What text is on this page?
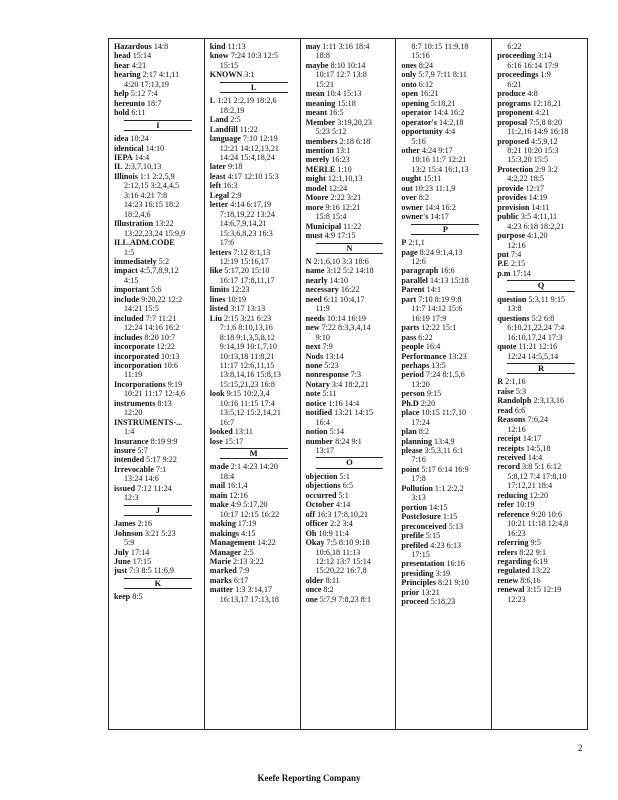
Hazardous 14:8
head 15:14
hear 4:21
hearing 2:17 4:1,11
4:20 17:13,19
help 5:12 7:4
hereunto 18:7
hold 6:11
I
idea 10:24
identical 14:10
IEPA 14:4
IL 2:3,7,10,13
Illinois 1:1 2:2,5,9
2:12,15 3:2,4,4,5
3:16 4:21 7:8
14:23 16:15 18:2
18:2,4,6
Illustration 13:22
13:22,23,24 15:9,9
ILL.ADM.CODE
1:5
immediately 5:2
impact 4:5,7,8,9,12
4:15
important 5:6
include 9:20,22 12:2
14:21 15:5
included 7:7 11:21
12:24 14:16 16:2
includes 8:20 10:7
incorporate 12:22
incorporated 10:13
incorporation 10:6
11:19
Incorporations 9:19
10:21 11:17 12:4,6
instruments 8:13
12:20
INSTRUMENTS-...
1:4
Insurance 8:19 9:9
insure 5:7
intended 5:17 9:22
Irrevocable 7:1
13:24 14:6
issued 7:12 11:24
12:3
J
James 2:16
Johnson 3:21 5:23
5:9
July 17:14
June 17:15
just 7:3 8:5 11:6,9
K
keep 8:5
kind 11:13
know 7:24 10:3 12:5
15:15
KNOWN 3:1
L
L 1:21 2:2,19 18:2,6
18:2,19
Land 2:5
Landfill 11:22
language 7:10 12:19
12:21 14:12,13,21
14:24 15:4,18,24
later 9:18
least 4:17 12:10 15:3
left 16:3
Legal 2:9
letter 4:14 6:17,19
7:18,19,22 13:24
14:6,7,9,14,21
15:3,6,8,23 16:3
17:6
letters 7:12 8:1,13
12:19 15:16,17
like 5:17,20 15:10
16:17 17:8,11,17
limits 12:23
lines 10:19
listed 3:17 13:13
Liu 2:15 3:21 6:23
7:1,6 8:10,13,16
8:18 9:1,3,5,8,12
9:14,19 10:1,7,10
10:13,18 11:8,21
11:17 12:6,11,15
13:8,14,16 15:8,13
15:15,21,23 16:8
look 9:15 10:2,3,4
10:16 11:15 17:4
13:5,12 15:2,14,21
16:7
looked 13:11
lose 15:17
M
made 2:1 4:23 14:20
18:4
mail 16:1,4
main 12:16
make 4:9 5:17,20
10:17 12:15 16:22
making 17:19
makings 4:15
Management 14:22
Manager 2:5
Marie 2:13 3:22
marked 7:9
marks 6:17
matter 1:3 3:14,17
16:13,17 17:13,18
may 1:11 3:16 18:4
18:8
maybe 8:10 10:14
10:17 12:7 13:8
15:21
mean 10:4 15:13
meaning 15:18
meant 16:5
Member 3:19,20,23
5:23 5:12
members 2:18 6:18
mention 13:1
merely 16:23
MERLE 1:10
might 12:1,10,13
model 12:24
Moore 2:22 3:21
more 9:16 12:21
15:8 15:4
Municipal 11:22
must 4:9 17:15
N
N 2:1,6,10 3:3 18:6
name 3:12 5:2 14:18
nearly 14:10
necessary 16:22
need 6:11 10:4,17
11:9
needs 10:14 16:19
new 7:22 8:3,3,4,14
9:10
next 7:9
Nods 13:14
none 5:23
nonresponse 7:3
Notary 3:4 18:2,21
note 5:11
notice 1:16 14:4
notified 13:21 14:15
16:4
notion 5:14
number 8:24 9:1
13:17
O
objection 5:1
objections 6:5
occurred 5:1
October 4:14
off 16:3 17:8,10,21
officer 2:2 3:4
Oh 10:9 11:4
Okay 7:5 8:10 9:18
10:6,18 11:13
12:12 13:7 15:14
15:20,22 16:7,8
older 8:11
once 8:2
one 5:7,9 7:8,23 8:1
8:7 10:15 11:9,18
15:16
ones 8:24
only 5:7,9 7:11 8:11
onto 6:12
open 16:21
opening 5:18,21
operator 14:4 16:2
operator's 14:2,18
opportunity 4:4
5:16
other 4:24 9:17
10:16 11:7 12:21
13:2 15:4 16:1,13
ought 15:11
out 10:23 11:1,9
over 8:2
owner 14:4 16:2
owner's 14:17
P
P 2:1,1
page 8:24 9:1,4,13
12:6
paragraph 16:6
parallel 14:13 15:18
Parent 14:1
part 7:10 8:19 9:8
11:7 14:12 15:6
16:19 17:9
parts 12:22 15:1
pass 6:22
people 16:4
Performance 13:23
perhaps 13:5
period 7:24 8:1,5,6
13:20
person 9:15
Ph.D 2:20
place 10:15 11:7,10
17:24
plan 8:2
planning 13:4,9
please 3:5,3,11 6:1
7:16
point 5:17 6:14 16:9
17:8
Pollution 1:1 2:2,2
3:13
portion 14:15
Postclosure 1:15
preconceived 5:13
prefile 5:15
prefiled 4:23 6:13
17:15
presentation 16:16
presiding 3:19
Principles 8:21 9:10
prior 13:21
proceed 5:18,23
6:22
proceeding 3:14
6:16 16:14 17:9
proceedings 1:9
6:21
produce 4:8
programs 12:18,21
proponent 4:21
proposal 7:5,8 8:20
11:2,16 14:9 16:18
proposed 4:5,9,12
8:21 10:20 15:3
15:3,20 15:5
Protection 2:9 3:2
4:2,22 18:5
provide 12:17
provides 14:19
provision 14:11
public 3:5 4:11,11
4:23 6:18 18:2,21
purpose 4:1,20
12:16
put 7:4
P.E 2:15
p.m 17:14
Q
question 5:3,11 9:15
13:8
questions 5:2 6:8
6:10,21,22,24 7:4
16:10,17,24 17:3
quote 11:21 12:16
12:24 14:5,5,14
R
R 2:1,16
raise 5:3
Randolph 2:3,13,16
read 6:6
Reasons 7:6,24
12:16
receipt 14:17
receipts 14:5,18
received 14:4
record 3:8 5:1 6:12
5:8,12 7:4 17:8,10
17:12,21 18:4
reducing 12:20
refer 10:19
reference 9:20 10:6
10:21 11:18 12:4,8
16:23
referring 9:5
refers 8:22 9:1
regarding 6:19
regulated 13:22
renew 8:6,16
renewal 3:15 12:19
12:23
2
Keefe Reporting Company
